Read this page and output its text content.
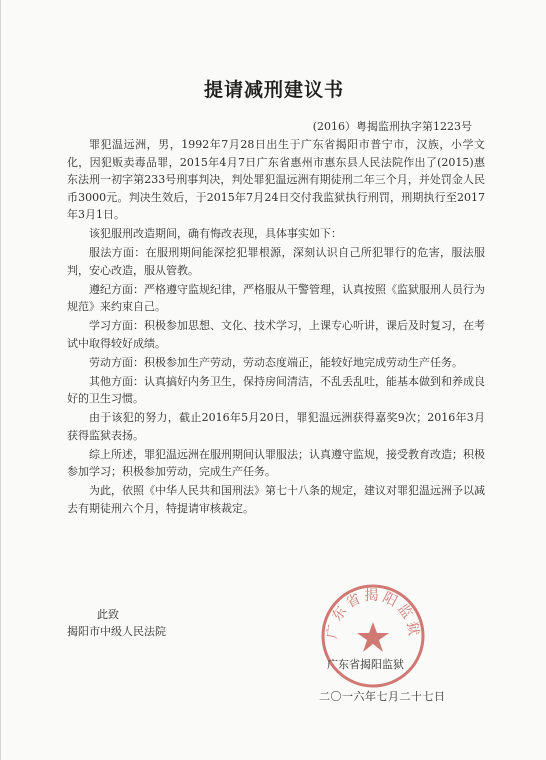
提请减刑建议书
(2016）粤揭监刑执字第1223号

罪犯温远洲，男，1992年7月28日出生于广东省揭阳市普宁市，汉族，小学文化，因犯贩卖毒品罪，2015年4月7日广东省惠州市惠东县人民法院作出了(2015)惠东法刑一初字第233号刑事判决，判处罪犯温远洲有期徒刑二年三个月，并处罚金人民币3000元。判决生效后，于2015年7月24日交付我监狱执行刑罚，刑期执行至2017年3月1日。

该犯服刑改造期间，确有悔改表现，具体事实如下：

服法方面：在服刑期间能深挖犯罪根源，深刻认识自己所犯罪行的危害，服法服判，安心改造，服从管教。

遵纪方面：严格遵守监规纪律，严格服从干警管理，认真按照《监狱服刑人员行为规范》来约束自己。

学习方面：积极参加思想、文化、技术学习，上课专心听讲，课后及时复习，在考试中取得较好成绩。

劳动方面：积极参加生产劳动，劳动态度端正，能较好地完成劳动生产任务。

其他方面：认真搞好内务卫生，保持房间清洁，不乱丢乱吐，能基本做到和养成良好的卫生习惯。

由于该犯的努力，截止2016年5月20日，罪犯温远洲获得嘉奖9次；2016年3月获得监狱表扬。

综上所述，罪犯温远洲在服刑期间认罪服法；认真遵守监规，接受教育改造；积极参加学习；积极参加劳动，完成生产任务。

为此，依照《中华人民共和国刑法》第七十八条的规定，建议对罪犯温远洲予以减去有期徒刑六个月，特提请审核裁定。

此致
揭阳市中级人民法院	广东省揭阳监狱
广东省揭阳监狱
二〇一六年七月二十七日
